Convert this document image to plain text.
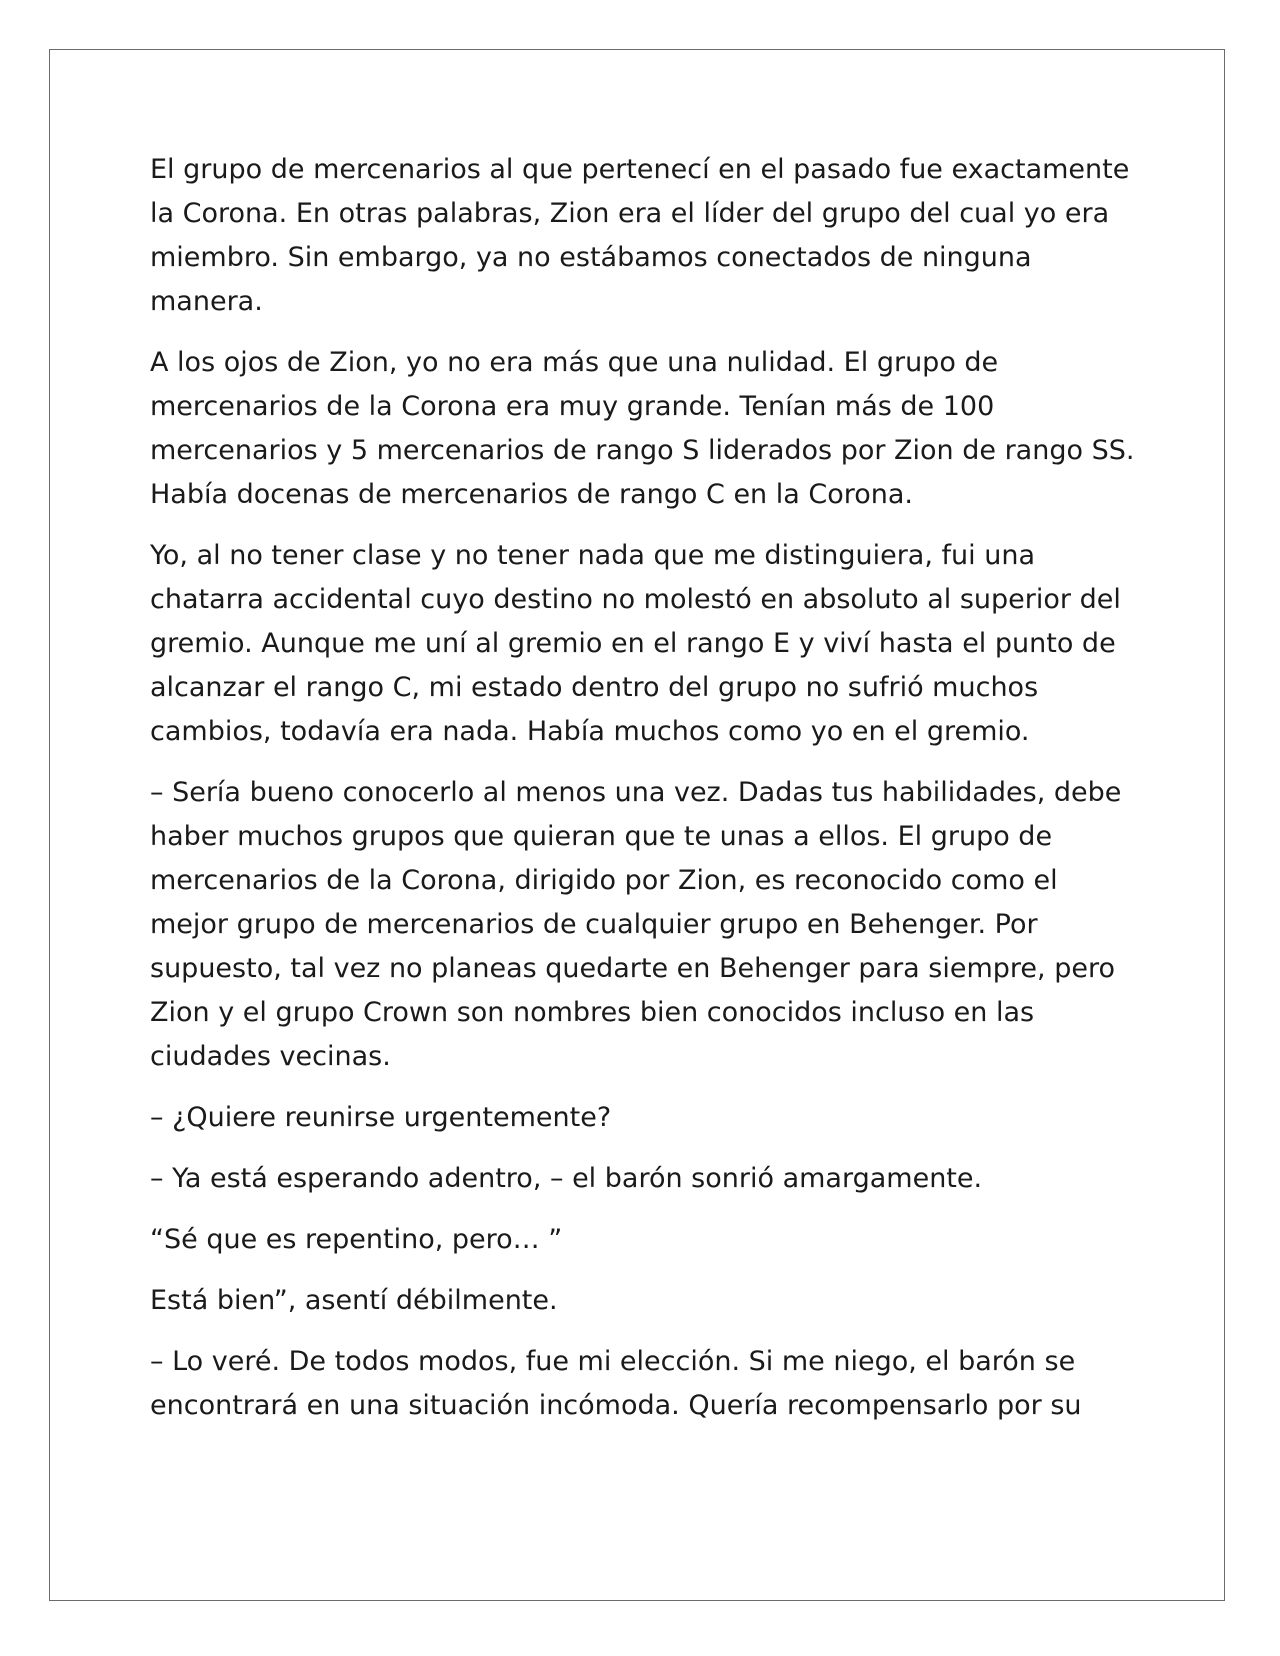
El grupo de mercenarios al que pertenecí en el pasado fue exactamente
la Corona. En otras palabras, Zion era el líder del grupo del cual yo era
miembro. Sin embargo, ya no estábamos conectados de ninguna
manera.

A los ojos de Zion, yo no era más que una nulidad. El grupo de
mercenarios de la Corona era muy grande. Tenían más de 100
mercenarios y 5 mercenarios de rango S liderados por Zion de rango SS.
Había docenas de mercenarios de rango C en la Corona.

Yo, al no tener clase y no tener nada que me distinguiera, fui una
chatarra accidental cuyo destino no molestó en absoluto al superior del
gremio. Aunque me uní al gremio en el rango E y viví hasta el punto de
alcanzar el rango C, mi estado dentro del grupo no sufrió muchos
cambios, todavía era nada. Había muchos como yo en el gremio.

– Sería bueno conocerlo al menos una vez. Dadas tus habilidades, debe
haber muchos grupos que quieran que te unas a ellos. El grupo de
mercenarios de la Corona, dirigido por Zion, es reconocido como el
mejor grupo de mercenarios de cualquier grupo en Behenger. Por
supuesto, tal vez no planeas quedarte en Behenger para siempre, pero
Zion y el grupo Crown son nombres bien conocidos incluso en las
ciudades vecinas.

– ¿Quiere reunirse urgentemente?

– Ya está esperando adentro, – el barón sonrió amargamente.

“Sé que es repentino, pero… ”

Está bien”, asentí débilmente.

– Lo veré. De todos modos, fue mi elección. Si me niego, el barón se
encontrará en una situación incómoda. Quería recompensarlo por su
